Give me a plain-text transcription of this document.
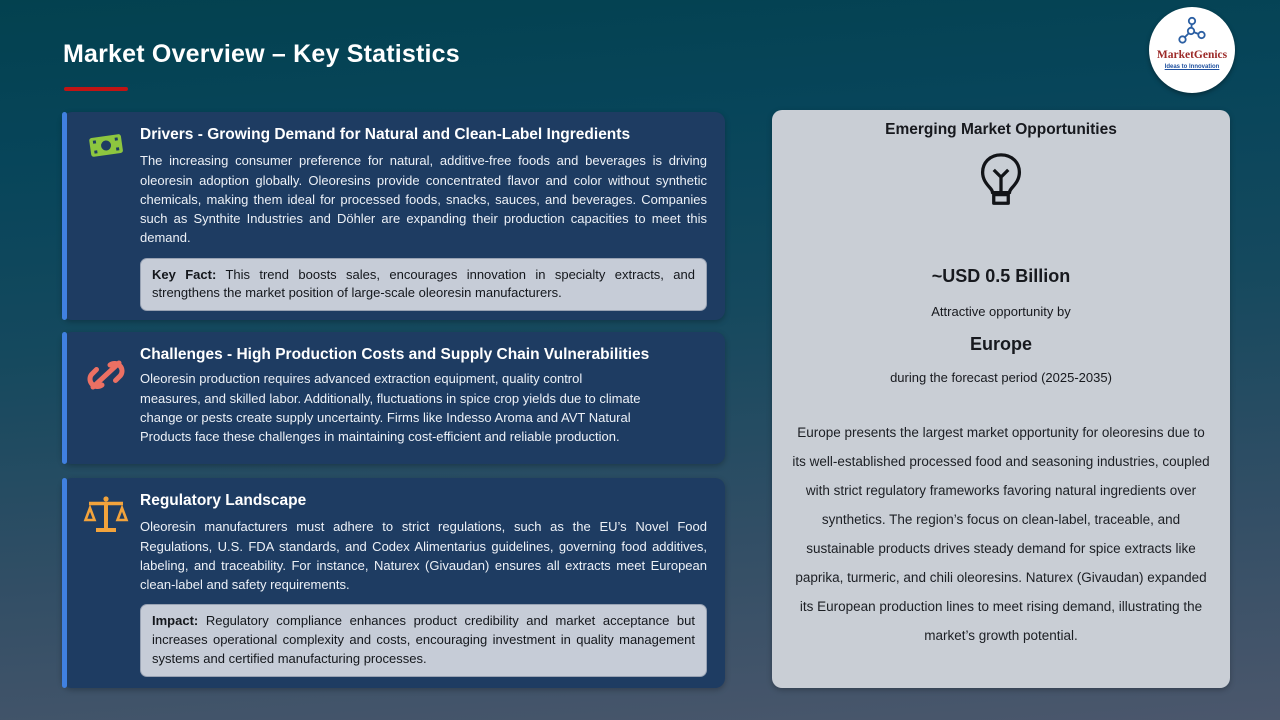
Market Overview – Key Statistics	MarketGenics
Ideas to Innovation
Drivers - Growing Demand for Natural and Clean-Label Ingredients

The increasing consumer preference for natural, additive-free foods and beverages is driving oleoresin adoption globally. Oleoresins provide concentrated flavor and color without synthetic chemicals, making them ideal for processed foods, snacks, sauces, and beverages. Companies such as Synthite Industries and Döhler are expanding their production capacities to meet this demand.

Key Fact: This trend boosts sales, encourages innovation in specialty extracts, and strengthens the market position of large-scale oleoresin manufacturers.
Challenges - High Production Costs and Supply Chain Vulnerabilities

Oleoresin production requires advanced extraction equipment, quality control measures, and skilled labor. Additionally, fluctuations in spice crop yields due to climate change or pests create supply uncertainty. Firms like Indesso Aroma and AVT Natural Products face these challenges in maintaining cost-efficient and reliable production.

Regulatory Landscape

Oleoresin manufacturers must adhere to strict regulations, such as the EU’s Novel Food Regulations, U.S. FDA standards, and Codex Alimentarius guidelines, governing food additives, labeling, and traceability. For instance, Naturex (Givaudan) ensures all extracts meet European clean-label and safety requirements.

Impact: Regulatory compliance enhances product credibility and market acceptance but increases operational complexity and costs, encouraging investment in quality management systems and certified manufacturing processes.
Emerging Market Opportunities
~USD 0.5 Billion
Attractive opportunity by
Europe
during the forecast period (2025-2035)

Europe presents the largest market opportunity for oleoresins due to its well-established processed food and seasoning industries, coupled with strict regulatory frameworks favoring natural ingredients over synthetics. The region’s focus on clean-label, traceable, and sustainable products drives steady demand for spice extracts like paprika, turmeric, and chili oleoresins. Naturex (Givaudan) expanded its European production lines to meet rising demand, illustrating the market’s growth potential.
